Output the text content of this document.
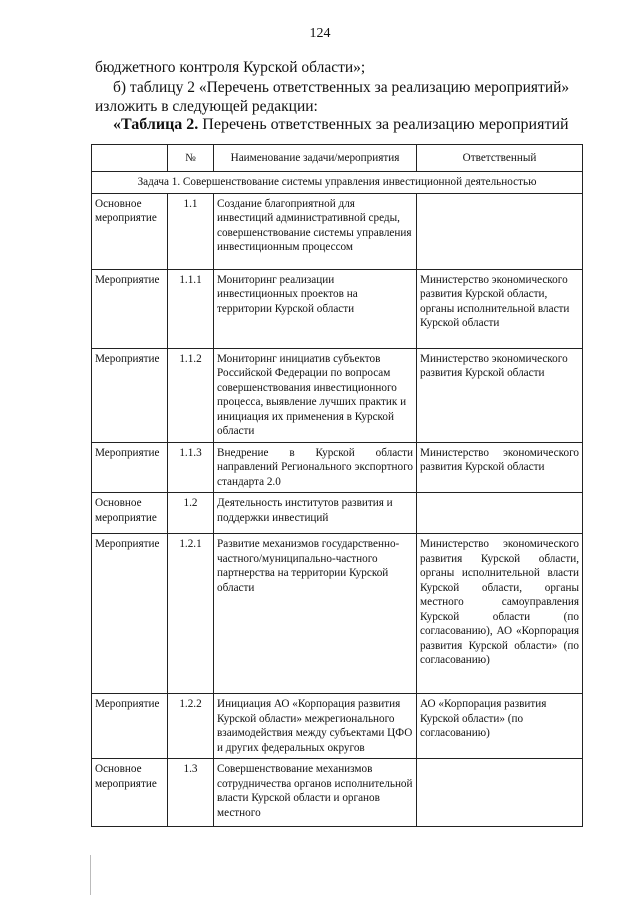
124
бюджетного контроля Курской области»;
б) таблицу 2 «Перечень ответственных за реализацию мероприятий»
изложить в следующей редакции:
«Таблица 2. Перечень ответственных за реализацию мероприятий
	№	Наименование задачи/мероприятия	Ответственный
Задача 1. Совершенствование системы управления инвестиционной деятельностью			
Основное мероприятие	1.1	Создание благоприятной для инвестиций административной среды, совершенствование системы управления инвестиционным процессом	
Мероприятие	1.1.1	Мониторинг реализации инвестиционных проектов на территории Курской области	Министерство экономического развития Курской области, органы исполнительной власти Курской области
Мероприятие	1.1.2	Мониторинг инициатив субъектов Российской Федерации по вопросам совершенствования инвестиционного процесса, выявление лучших практик и инициация их применения в Курской области	Министерство экономического развития Курской области
Мероприятие	1.1.3	Внедрение в Курской области направлений Регионального экспортного стандарта 2.0	Министерство экономического развития Курской области
Основное мероприятие	1.2	Деятельность институтов развития и поддержки инвестиций	
Мероприятие	1.2.1	Развитие механизмов государственно-частного/муниципально-частного партнерства на территории Курской области	Министерство экономического развития Курской области, органы исполнительной власти Курской области, органы местного самоуправления Курской области (по согласованию), АО «Корпорация развития Курской области» (по согласованию)
Мероприятие	1.2.2	Инициация АО «Корпорация развития Курской области» межрегионального взаимодействия между субъектами ЦФО и других федеральных округов	АО «Корпорация развития Курской области» (по согласованию)
Основное мероприятие	1.3	Совершенствование механизмов сотрудничества органов исполнительной власти Курской области и органов местного	
